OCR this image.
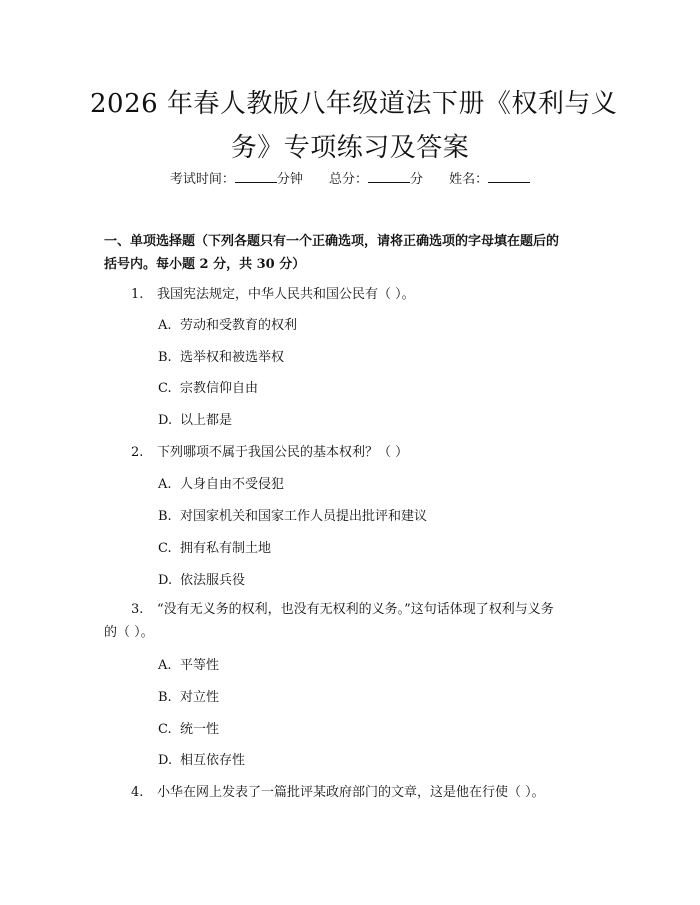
2026 年春人教版八年级道法下册《权利与义
务》专项练习及答案
考试时间：	分钟 总分：	分 姓名：
一、单项选择题（下列各题只有一个正确选项，请将正确选项的字母填在题后的
括号内。每小题 2 分，共 30 分）
1. 我国宪法规定，中华人民共和国公民有（ ）。
A. 劳动和受教育的权利
B. 选举权和被选举权
C. 宗教信仰自由
D. 以上都是
2. 下列哪项不属于我国公民的基本权利？（ ）
A. 人身自由不受侵犯
B. 对国家机关和国家工作人员提出批评和建议
C. 拥有私有制土地
D. 依法服兵役
3. “没有无义务的权利，也没有无权利的义务。”这句话体现了权利与义务
的（ ）。
A. 平等性
B. 对立性
C. 统一性
D. 相互依存性
4. 小华在网上发表了一篇批评某政府部门的文章，这是他在行使（ ）。
